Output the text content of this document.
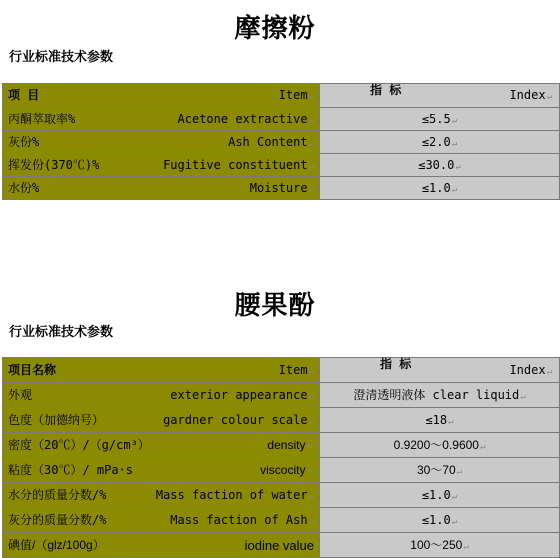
摩擦粉
行业标准技术参数
项 目 Item↵	指 标 Index↵

丙酮萃取率% Acetone extractive↵	≤5.5↵

灰份% Ash Content↵	≤2.0↵

挥发份(370℃)% Fugitive constituent↵	≤30.0↵

水份% Moisture↵	≤1.0↵
腰果酚
行业标准技术参数
项目名称 Item↵	指 标 Index↵

外观 exterior appearance↵	澄清透明液体 clear liquid↵

色度（加德纳号） gardner colour scale↵	≤18↵

密度（20℃）/（g/cm³） density↵	0.9200～0.9600↵

粘度（30℃）/ mPa·s viscocity↵	30～70↵

水分的质量分数/% Mass faction of water↵	≤1.0↵

灰分的质量分数/% Mass faction of Ash↵	≤1.0↵

碘值/（glz/100g） iodine value	100～250↵
